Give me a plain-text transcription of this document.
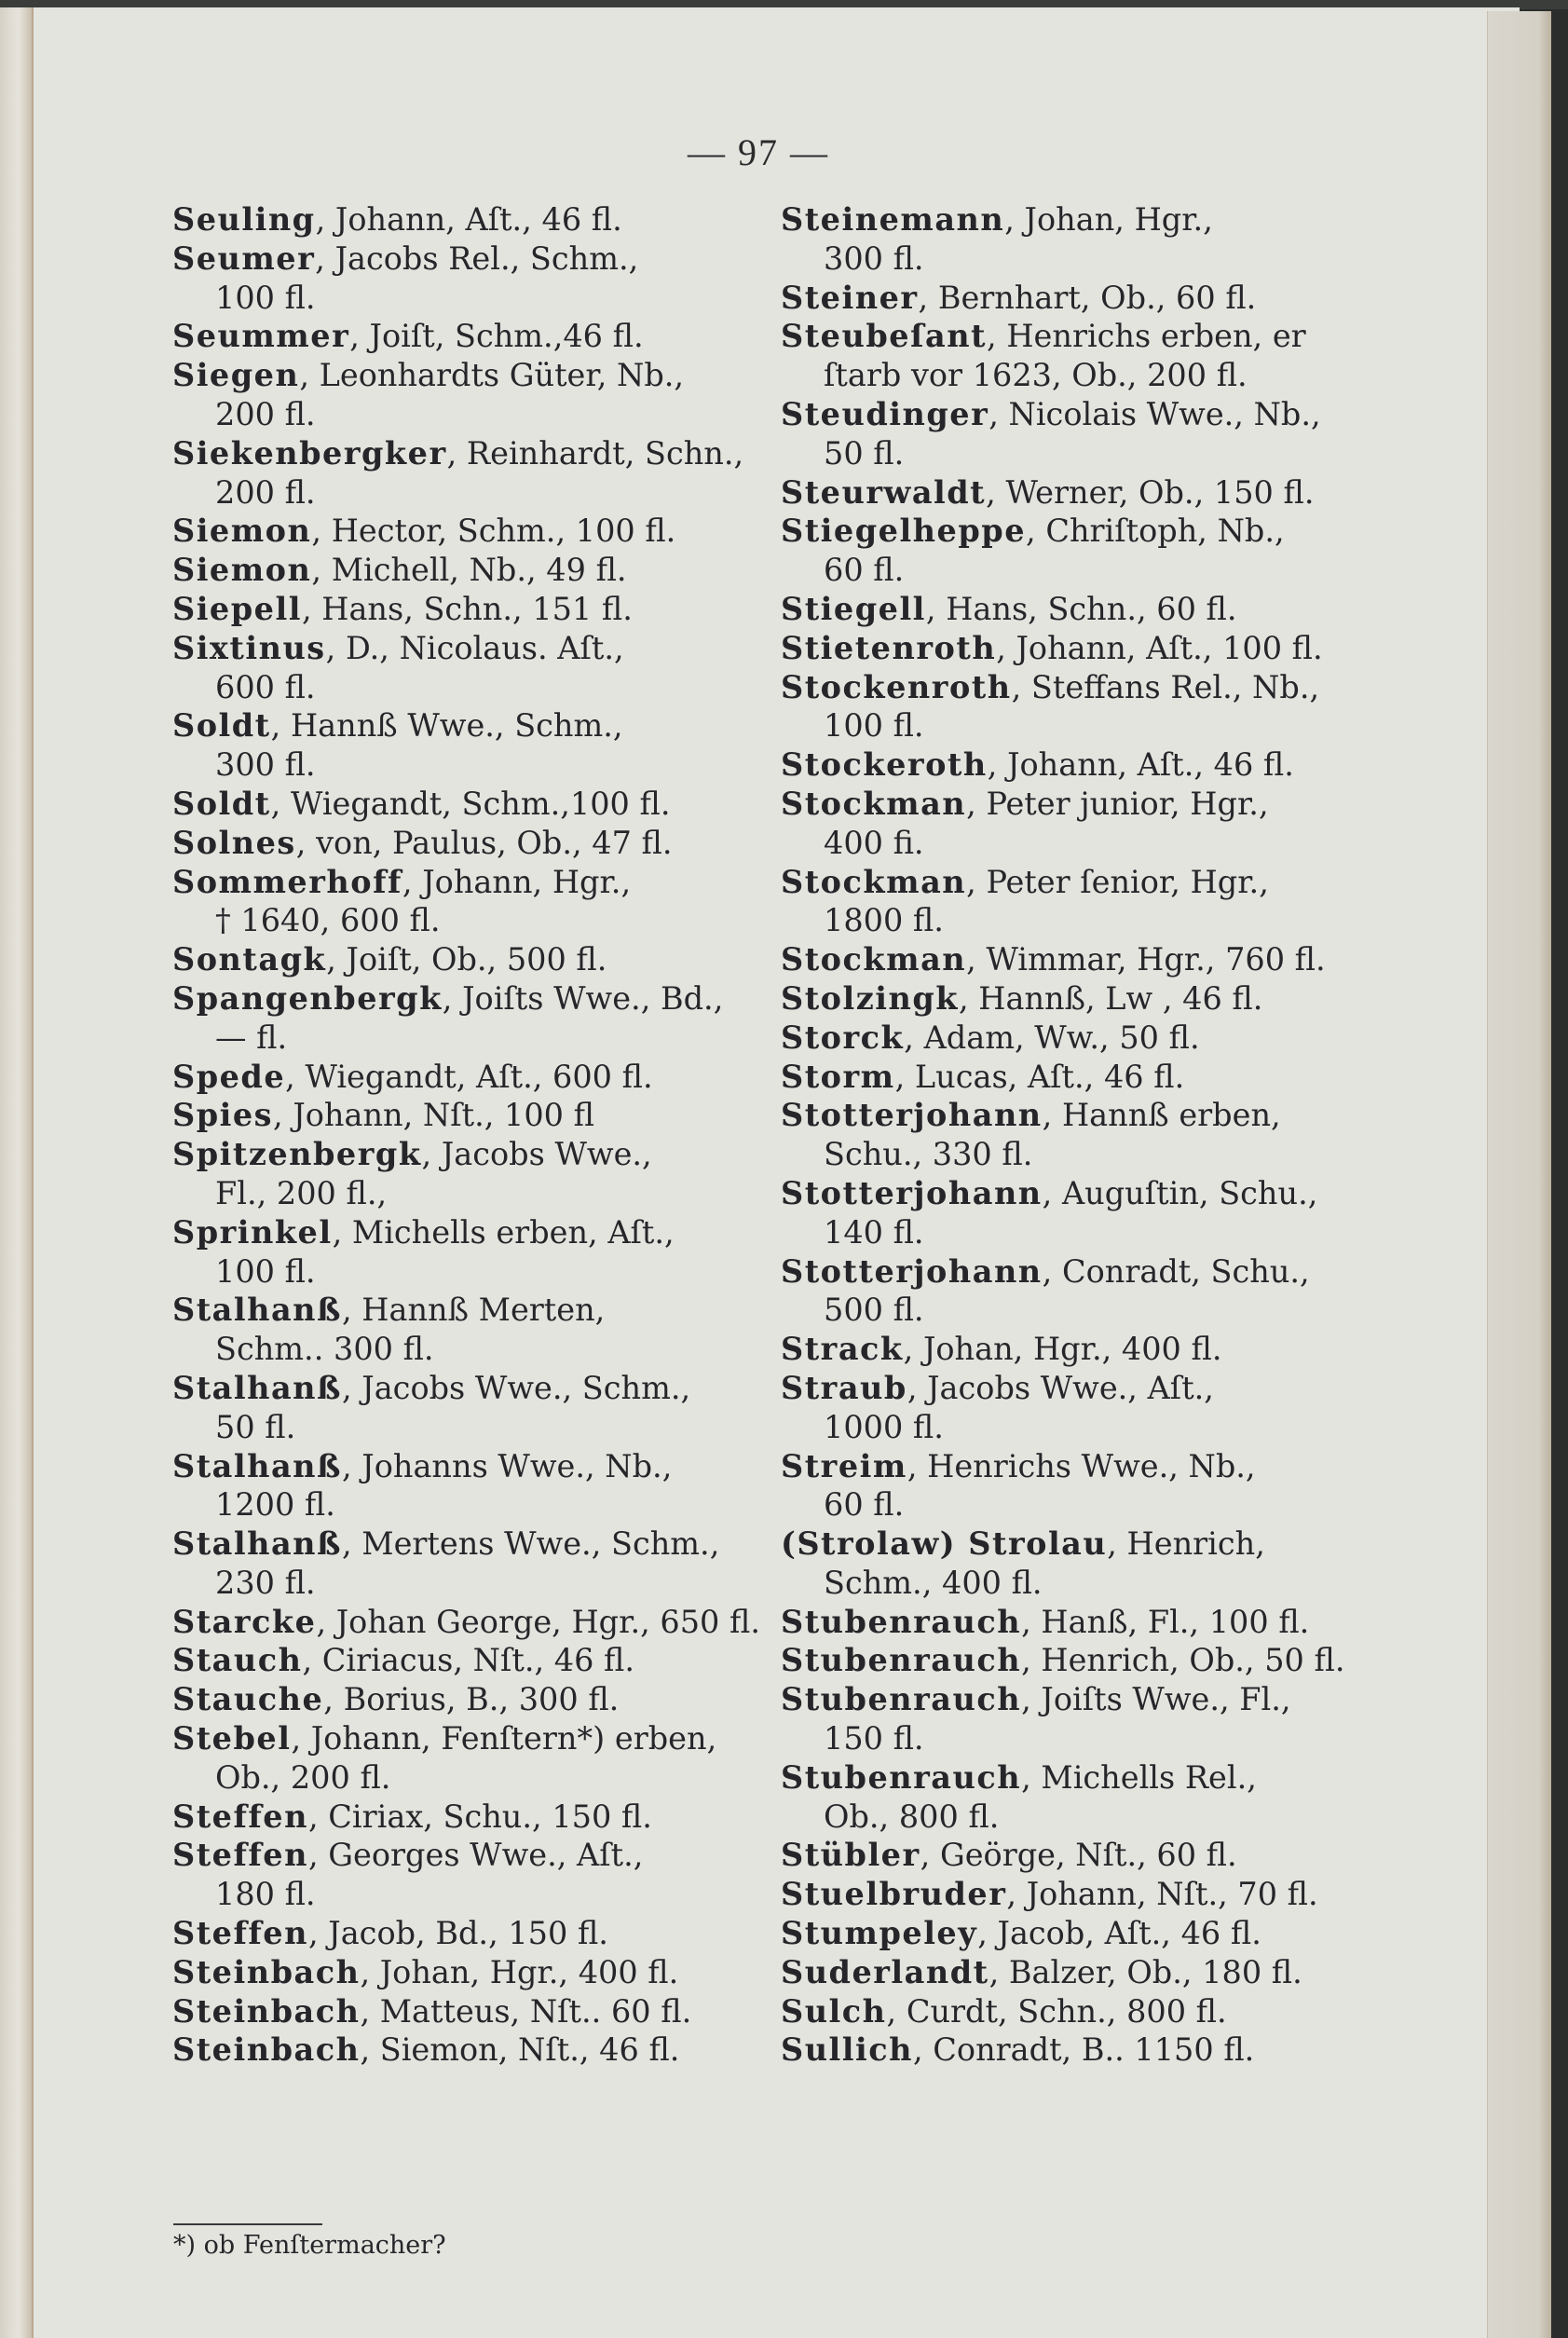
— 97 —
Seuling, Johann, Aſt., 46 fl.
Seumer, Jacobs Rel., Schm.,
100 fl.
Seummer, Joiſt, Schm.,46 fl.
Siegen, Leonhardts Güter, Nb.,
200 fl.
Siekenbergker, Reinhardt, Schn.,
200 fl.
Siemon, Hector, Schm., 100 fl.
Siemon, Michell, Nb., 49 fl.
Siepell, Hans, Schn., 151 fl.
Sixtinus, D., Nicolaus. Aſt.,
600 fl.
Soldt, Hannß Wwe., Schm.,
300 fl.
Soldt, Wiegandt, Schm.,100 fl.
Solnes, von, Paulus, Ob., 47 fl.
Sommerhoff, Johann, Hgr.,
† 1640, 600 fl.
Sontagk, Joiſt, Ob., 500 fl.
Spangenbergk, Joiſts Wwe., Bd.,
— fl.
Spede, Wiegandt, Aſt., 600 fl.
Spies, Johann, Nſt., 100 fl
Spitzenbergk, Jacobs Wwe.,
Fl., 200 fl.,
Sprinkel, Michells erben, Aſt.,
100 fl.
Stalhanß, Hannß Merten,
Schm.. 300 fl.
Stalhanß, Jacobs Wwe., Schm.,
50 fl.
Stalhanß, Johanns Wwe., Nb.,
1200 fl.
Stalhanß, Mertens Wwe., Schm.,
230 fl.
Starcke, Johan George, Hgr., 650 fl.
Stauch, Ciriacus, Nſt., 46 fl.
Stauche, Borius, B., 300 fl.
Stebel, Johann, Fenſtern*) erben,
Ob., 200 fl.
Steffen, Ciriax, Schu., 150 fl.
Steffen, Georges Wwe., Aſt.,
180 fl.
Steffen, Jacob, Bd., 150 fl.
Steinbach, Johan, Hgr., 400 fl.
Steinbach, Matteus, Nſt.. 60 fl.
Steinbach, Siemon, Nſt., 46 fl.
Steinemann, Johan, Hgr.,
300 fl.
Steiner, Bernhart, Ob., 60 fl.
Steubeſant, Henrichs erben, er
ſtarb vor 1623, Ob., 200 fl.
Steudinger, Nicolais Wwe., Nb.,
50 fl.
Steurwaldt, Werner, Ob., 150 fl.
Stiegelheppe, Chriſtoph, Nb.,
60 fl.
Stiegell, Hans, Schn., 60 fl.
Stietenroth, Johann, Aſt., 100 fl.
Stockenroth, Steffans Rel., Nb.,
100 fl.
Stockeroth, Johann, Aſt., 46 fl.
Stockman, Peter junior, Hgr.,
400 fi.
Stockman, Peter ſenior, Hgr.,
1800 fl.
Stockman, Wimmar, Hgr., 760 fl.
Stolzingk, Hannß, Lw , 46 fl.
Storck, Adam, Ww., 50 fl.
Storm, Lucas, Aſt., 46 fl.
Stotterjohann, Hannß erben,
Schu., 330 fl.
Stotterjohann, Auguſtin, Schu.,
140 fl.
Stotterjohann, Conradt, Schu.,
500 fl.
Strack, Johan, Hgr., 400 fl.
Straub, Jacobs Wwe., Aſt.,
1000 fl.
Streim, Henrichs Wwe., Nb.,
60 fl.
(Strolaw) Strolau, Henrich,
Schm., 400 fl.
Stubenrauch, Hanß, Fl., 100 fl.
Stubenrauch, Henrich, Ob., 50 fl.
Stubenrauch, Joiſts Wwe., Fl.,
150 fl.
Stubenrauch, Michells Rel.,
Ob., 800 fl.
Stübler, Geörge, Nſt., 60 fl.
Stuelbruder, Johann, Nſt., 70 fl.
Stumpeley, Jacob, Aſt., 46 fl.
Suderlandt, Balzer, Ob., 180 fl.
Sulch, Curdt, Schn., 800 fl.
Sullich, Conradt, B.. 1150 fl.
*) ob Fenſtermacher?
